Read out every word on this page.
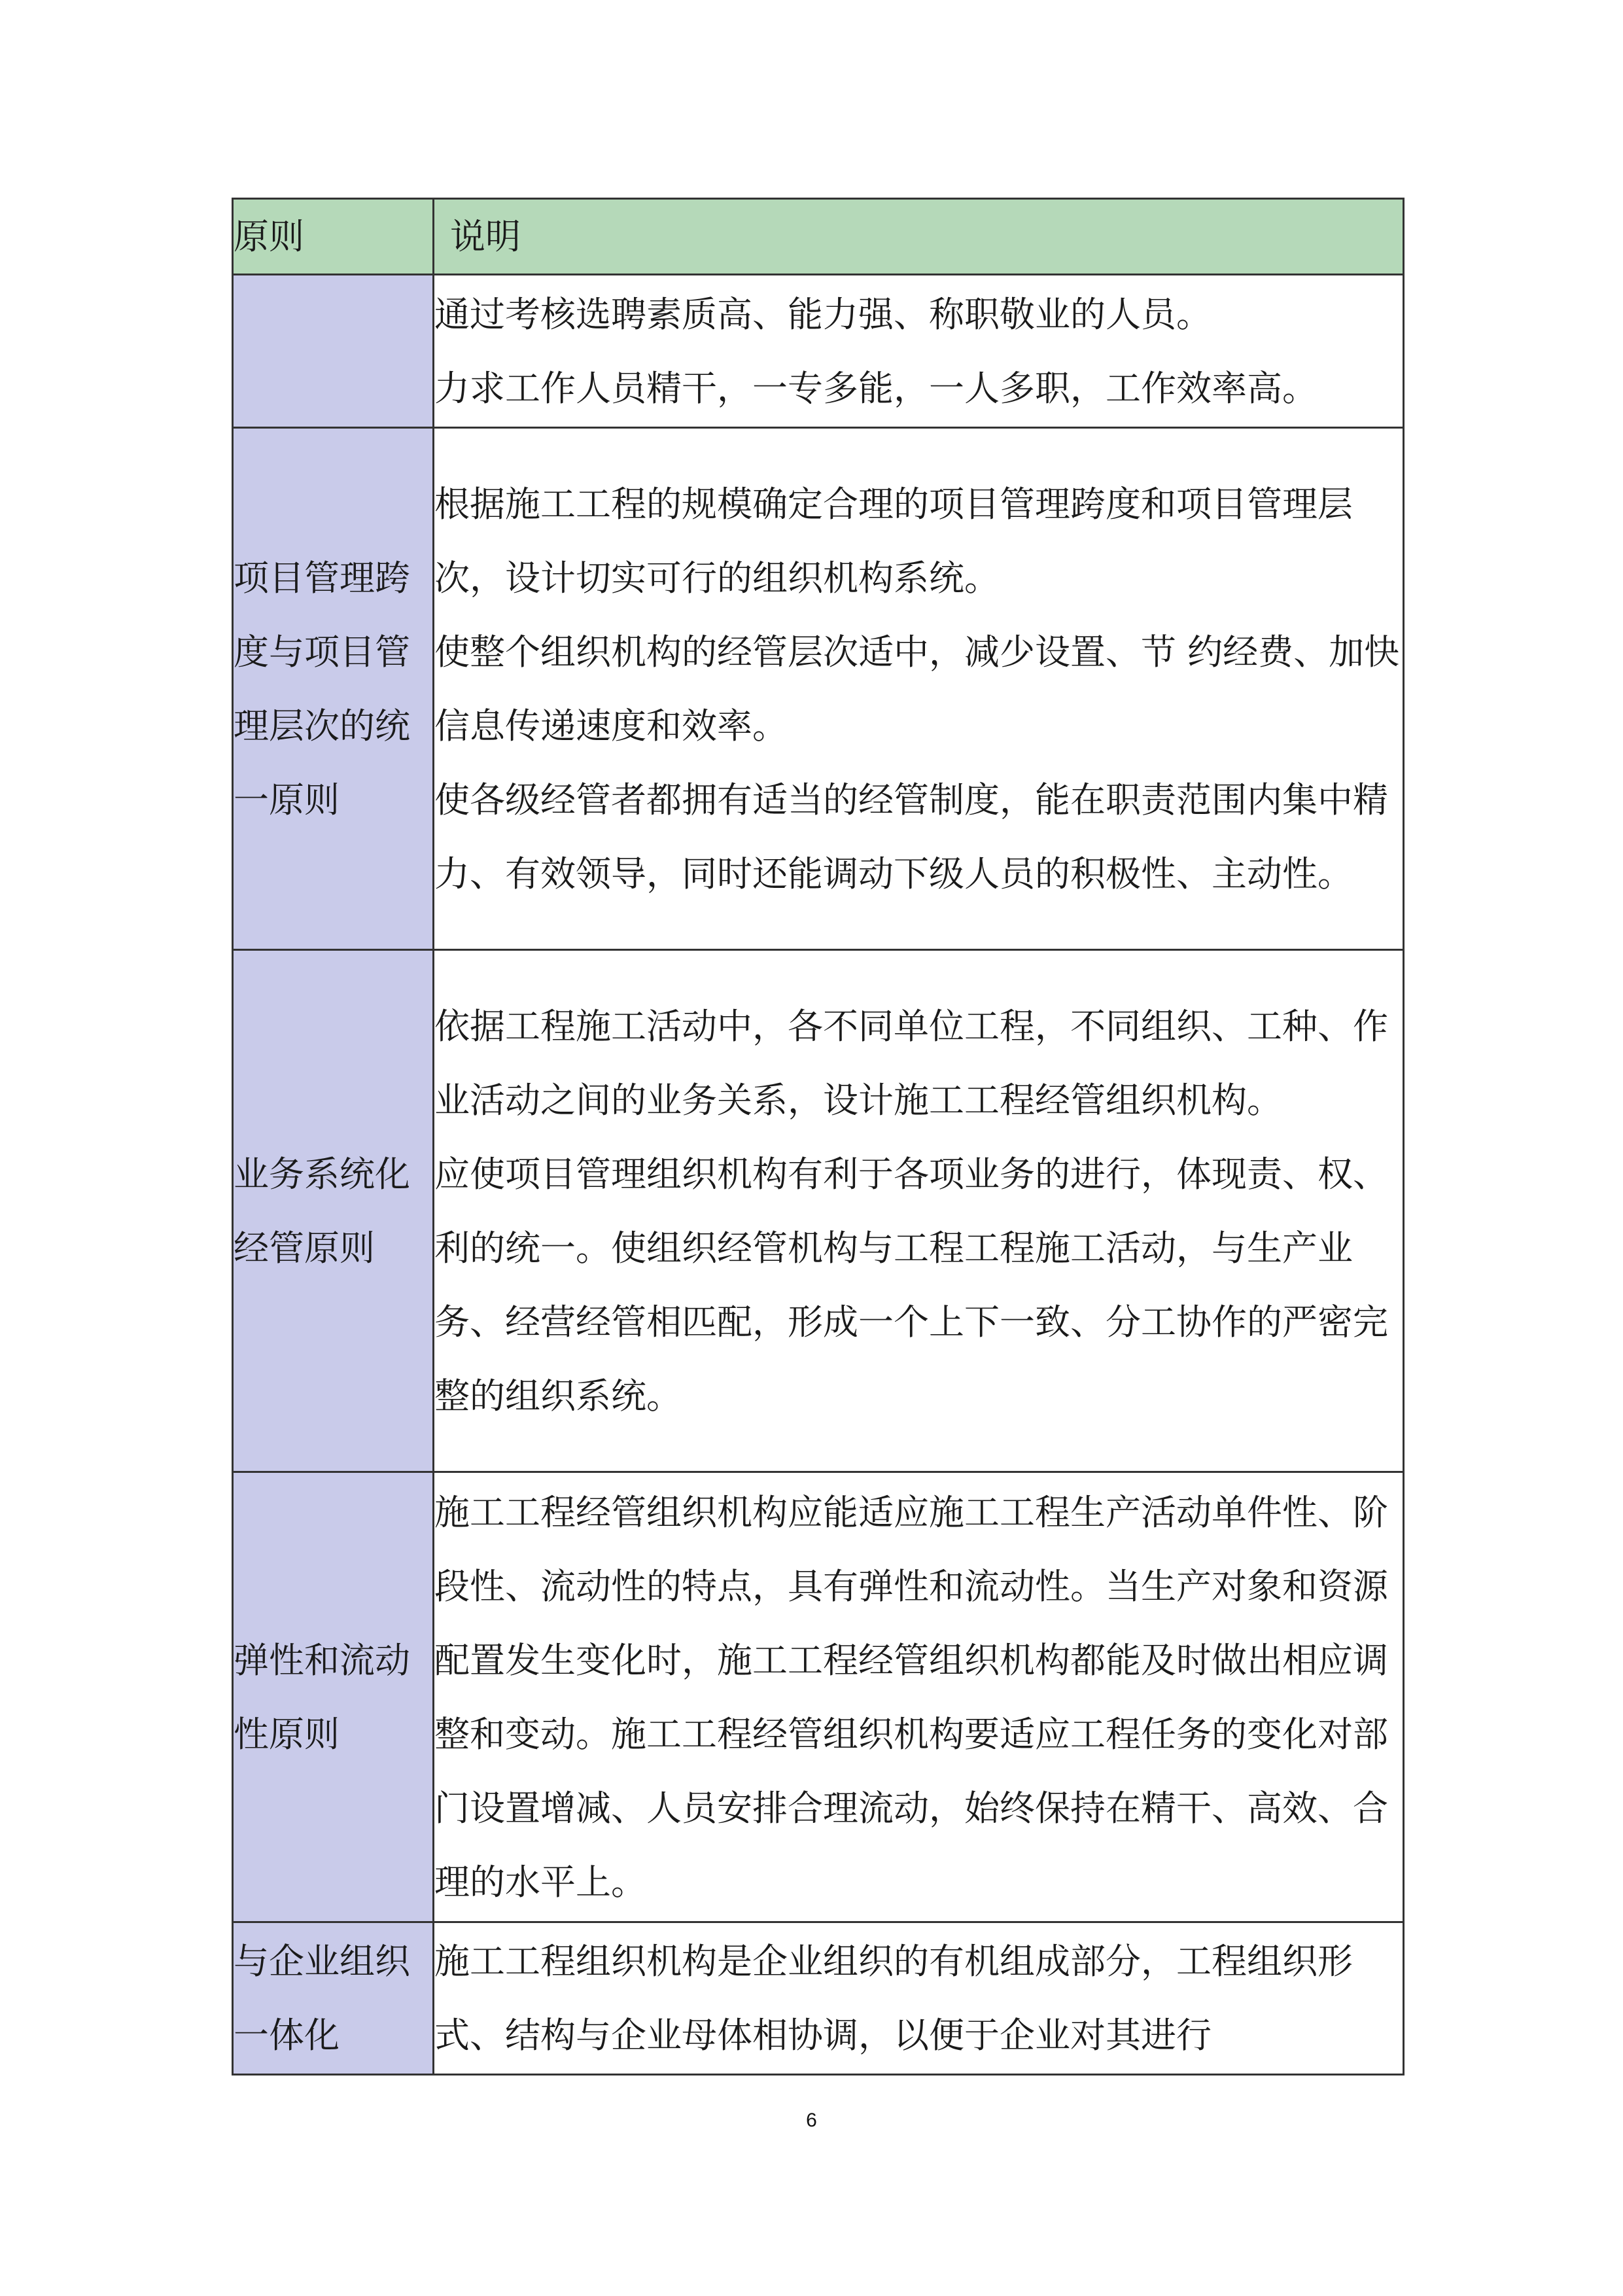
原则	说明

	通过考核选聘素质高、能力强、称职敬业的人员。
力求工作人员精干，一专多能，一人多职，工作效率高。

项目管理跨度与项目管理层次的统一原则	根据施工工程的规模确定合理的项目管理跨度和项目管理层次，设计切实可行的组织机构系统。
使整个组织机构的经管层次适中，减少设置、节 约经费、加快信息传递速度和效率。
使各级经管者都拥有适当的经管制度，能在职责范围内集中精力、有效领导，同时还能调动下级人员的积极性、主动性。

业务系统化经管原则	依据工程施工活动中，各不同单位工程，不同组织、工种、作业活动之间的业务关系，设计施工工程经管组织机构。
应使项目管理组织机构有利于各项业务的进行，体现责、权、利的统一。使组织经管机构与工程工程施工活动，与生产业务、经营经管相匹配，形成一个上下一致、分工协作的严密完整的组织系统。

弹性和流动性原则	施工工程经管组织机构应能适应施工工程生产活动单件性、阶段性、流动性的特点，具有弹性和流动性。当生产对象和资源配置发生变化时，施工工程经管组织机构都能及时做出相应调整和变动。施工工程经管组织机构要适应工程任务的变化对部门设置增减、人员安排合理流动，始终保持在精干、高效、合理的水平上。

与企业组织一体化	施工工程组织机构是企业组织的有机组成部分，工程组织形式、结构与企业母体相协调，以便于企业对其进行
6
